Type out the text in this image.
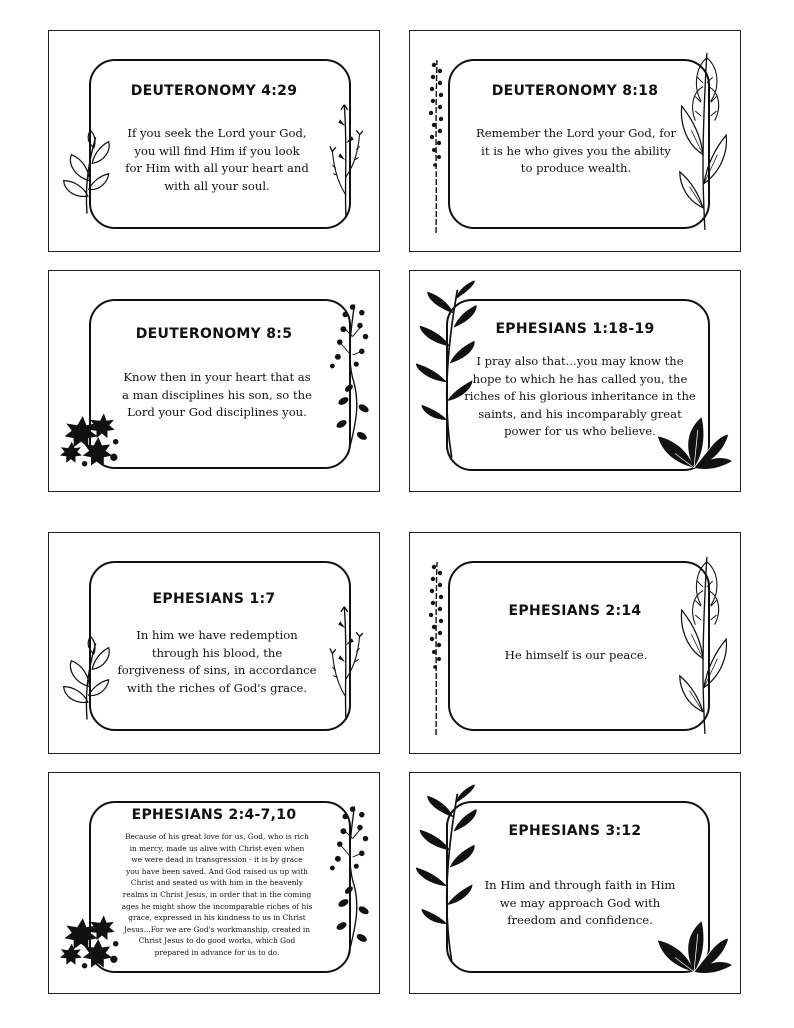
DEUTERONOMY 4:29
If you seek the Lord your God,
you will find Him if you look
for Him with all your heart and
with all your soul.
DEUTERONOMY 8:18
Remember the Lord your God, for
it is he who gives you the ability
to produce wealth.
DEUTERONOMY 8:5
Know then in your heart that as
a man disciplines his son, so the
Lord your God disciplines you.
EPHESIANS 1:18-19
I pray also that...you may know the
hope to which he has called you, the
riches of his glorious inheritance in the
saints, and his incomparably great
power for us who believe.
EPHESIANS 1:7
In him we have redemption
through his blood, the
forgiveness of sins, in accordance
with the riches of God's grace.
EPHESIANS 2:14
He himself is our peace.
EPHESIANS 2:4-7,10
Because of his great love for us, God, who is rich
in mercy, made us alive with Christ even when
we were dead in transgression - it is by grace
you have been saved. And God raised us up with
Christ and seated us with him in the heavenly
realms in Christ Jesus, in order that in the coming
ages he might show the incomparable riches of his
grace, expressed in his kindness to us in Christ
Jesus...For we are God's workmanship, created in
Christ Jesus to do good works, which God
prepared in advance for us to do.
EPHESIANS 3:12
In Him and through faith in Him
we may approach God with
freedom and confidence.
